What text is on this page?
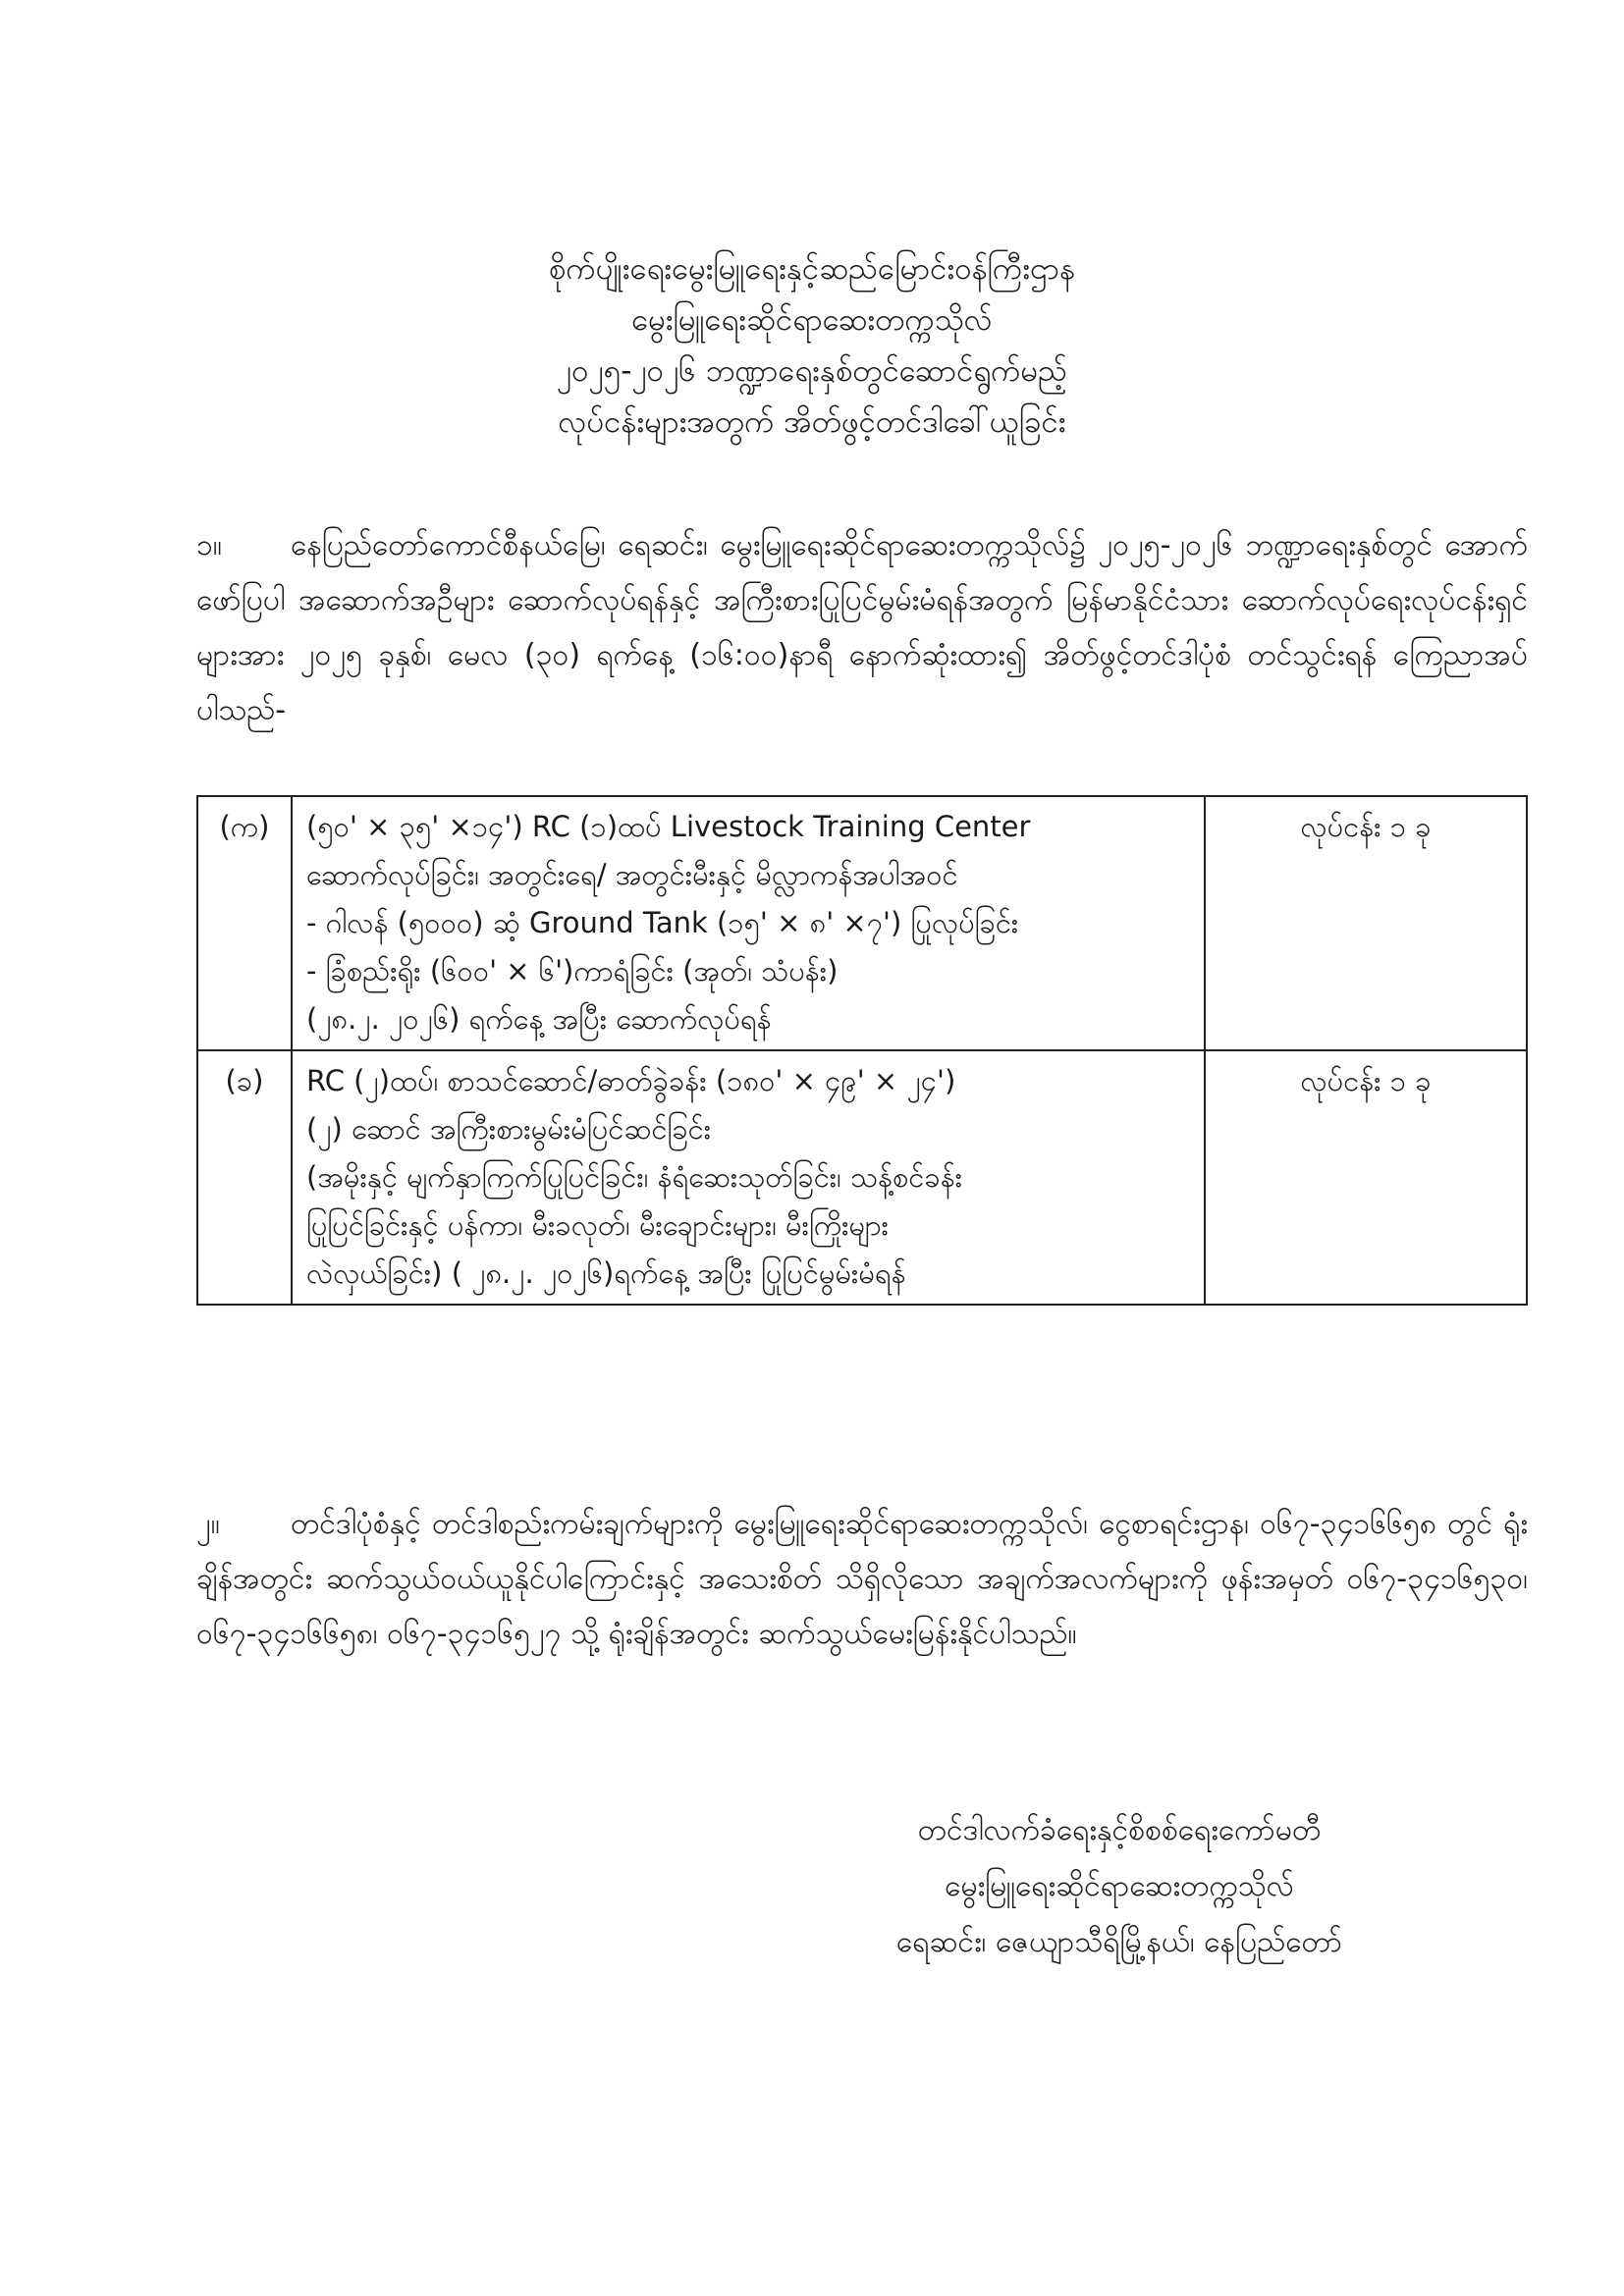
စိုက်ပျိုးရေးမွေးမြူရေးနှင့်ဆည်မြောင်းဝန်ကြီးဌာန
မွေးမြူရေးဆိုင်ရာဆေးတက္ကသိုလ်
၂၀၂၅-၂၀၂၆ ဘဏ္ဍာရေးနှစ်တွင်ဆောင်ရွက်မည့်
လုပ်ငန်းများအတွက် အိတ်ဖွင့်တင်ဒါခေါ်ယူခြင်း
၁။ နေပြည်တော်ကောင်စီနယ်မြေ၊ ရေဆင်း၊ မွေးမြူရေးဆိုင်ရာဆေးတက္ကသိုလ်၌ ၂၀၂၅-၂၀၂၆ ဘဏ္ဍာရေးနှစ်တွင် အောက်ဖော်ပြပါ အဆောက်အဦများ ဆောက်လုပ်ရန်နှင့် အကြီးစားပြုပြင်မွမ်းမံရန်အတွက် မြန်မာနိုင်ငံသား ဆောက်လုပ်ရေးလုပ်ငန်းရှင်များအား ၂၀၂၅ ခုနှစ်၊ မေလ (၃၀) ရက်နေ့ (၁၆:၀၀)နာရီ နောက်ဆုံးထား၍ အိတ်ဖွင့်တင်ဒါပုံစံ တင်သွင်းရန် ကြေညာအပ်ပါသည်-
(က)	(၅၀' × ၃၅' ×၁၄') RC (၁)ထပ် Livestock Training Center
ဆောက်လုပ်ခြင်း၊ အတွင်းရေ/ အတွင်းမီးနှင့် မိလ္လာကန်အပါအဝင်
- ဂါလန် (၅၀၀၀) ဆံ့ Ground Tank (၁၅' × ၈' ×၇') ပြုလုပ်ခြင်း
- ခြံစည်းရိုး (၆၀၀' × ၆')ကာရံခြင်း (အုတ်၊ သံပန်း)
(၂၈.၂. ၂၀၂၆) ရက်နေ့ အပြီး ဆောက်လုပ်ရန်	လုပ်ငန်း ၁ ခု
(ခ)	RC (၂)ထပ်၊ စာသင်ဆောင်/ဓာတ်ခွဲခန်း (၁၈၀' × ၄၉' × ၂၄')
(၂) ဆောင် အကြီးစားမွမ်းမံပြင်ဆင်ခြင်း
(အမိုးနှင့် မျက်နှာကြက်ပြုပြင်ခြင်း၊ နံရံဆေးသုတ်ခြင်း၊ သန့်စင်ခန်း
ပြုပြင်ခြင်းနှင့် ပန်ကာ၊ မီးခလုတ်၊ မီးချောင်းများ၊ မီးကြိုးများ
လဲလှယ်ခြင်း) ( ၂၈.၂. ၂၀၂၆)ရက်နေ့ အပြီး ပြုပြင်မွမ်းမံရန်	လုပ်ငန်း ၁ ခု
၂။ တင်ဒါပုံစံနှင့် တင်ဒါစည်းကမ်းချက်များကို မွေးမြူရေးဆိုင်ရာဆေးတက္ကသိုလ်၊ ငွေစာရင်းဌာန၊ ၀၆၇-၃၄၁၆၆၅၈ တွင် ရုံးချိန်အတွင်း ဆက်သွယ်ဝယ်ယူနိုင်ပါကြောင်းနှင့် အသေးစိတ် သိရှိလိုသော အချက်အလက်များကို ဖုန်းအမှတ် ၀၆၇-၃၄၁၆၅၃၀၊ ၀၆၇-၃၄၁၆၆၅၈၊ ၀၆၇-၃၄၁၆၅၂၇ သို့ ရုံးချိန်အတွင်း ဆက်သွယ်မေးမြန်းနိုင်ပါသည်။
တင်ဒါလက်ခံရေးနှင့်စိစစ်ရေးကော်မတီ
မွေးမြူရေးဆိုင်ရာဆေးတက္ကသိုလ်
ရေဆင်း၊ ဇေယျာသီရိမြို့နယ်၊ နေပြည်တော်
